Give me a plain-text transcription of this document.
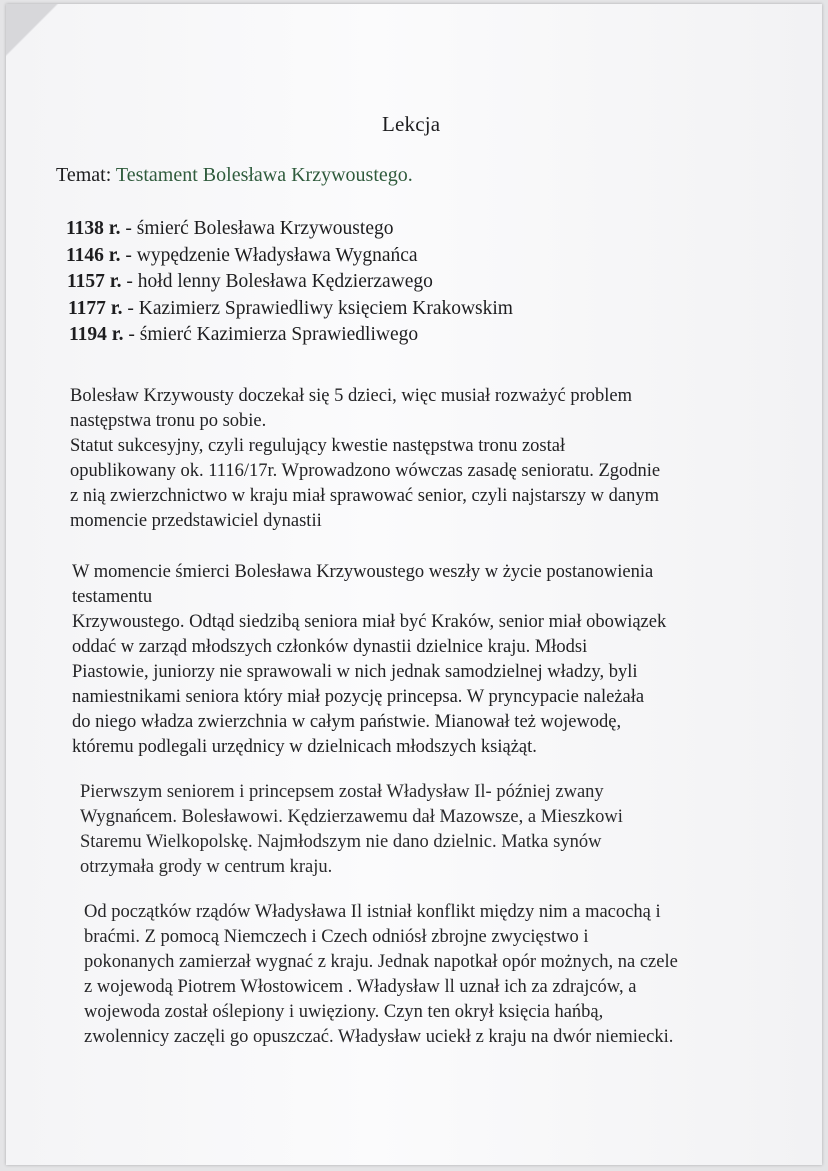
Lekcja
Temat: Testament Bolesława Krzywoustego.
1138 r. - śmierć Bolesława Krzywoustego
1146 r. - wypędzenie Władysława Wygnańca
1157 r. - hołd lenny Bolesława Kędzierzawego
1177 r. - Kazimierz Sprawiedliwy księciem Krakowskim
1194 r. - śmierć Kazimierza Sprawiedliwego
Bolesław Krzywousty doczekał się 5 dzieci, więc musiał rozważyć problem
następstwa tronu po sobie.
Statut sukcesyjny, czyli regulujący kwestie następstwa tronu został
opublikowany ok. 1116/17r. Wprowadzono wówczas zasadę senioratu. Zgodnie
z nią zwierzchnictwo w kraju miał sprawować senior, czyli najstarszy w danym
momencie przedstawiciel dynastii
W momencie śmierci Bolesława Krzywoustego weszły w życie postanowienia
testamentu
Krzywoustego. Odtąd siedzibą seniora miał być Kraków, senior miał obowiązek
oddać w zarząd młodszych członków dynastii dzielnice kraju. Młodsi
Piastowie, juniorzy nie sprawowali w nich jednak samodzielnej władzy, byli
namiestnikami seniora który miał pozycję princepsa. W pryncypacie należała
do niego władza zwierzchnia w całym państwie. Mianował też wojewodę,
któremu podlegali urzędnicy w dzielnicach młodszych książąt.
Pierwszym seniorem i princepsem został Władysław Il- później zwany
Wygnańcem. Bolesławowi. Kędzierzawemu dał Mazowsze, a Mieszkowi
Staremu Wielkopolskę. Najmłodszym nie dano dzielnic. Matka synów
otrzymała grody w centrum kraju.
Od początków rządów Władysława Il istniał konflikt między nim a macochą i
braćmi. Z pomocą Niemczech i Czech odniósł zbrojne zwycięstwo i
pokonanych zamierzał wygnać z kraju. Jednak napotkał opór możnych, na czele
z wojewodą Piotrem Włostowicem . Władysław ll uznał ich za zdrajców, a
wojewoda został oślepiony i uwięziony. Czyn ten okrył księcia hańbą,
zwolennicy zaczęli go opuszczać. Władysław uciekł z kraju na dwór niemiecki.
